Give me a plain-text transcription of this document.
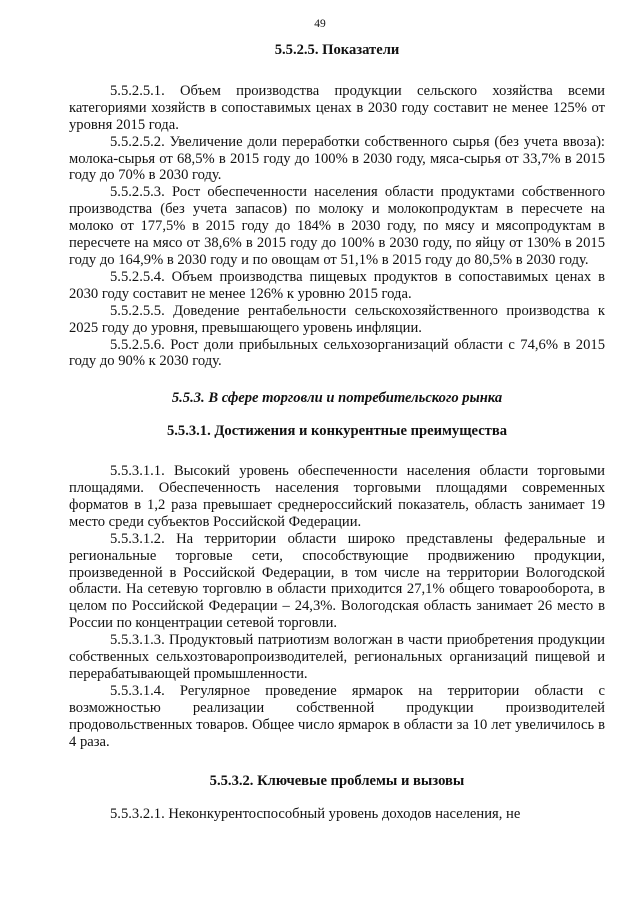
49
5.5.2.5. Показатели

5.5.2.5.1. Объем производства продукции сельского хозяйства всеми категориями хозяйств в сопоставимых ценах в 2030 году составит не менее 125% от уровня 2015 года.

5.5.2.5.2. Увеличение доли переработки собственного сырья (без учета ввоза): молока-сырья от 68,5% в 2015 году до 100% в 2030 году, мяса-сырья от 33,7% в 2015 году до 70% в 2030 году.

5.5.2.5.3. Рост обеспеченности населения области продуктами собственного производства (без учета запасов) по молоку и молокопродуктам в пересчете на молоко от 177,5% в 2015 году до 184% в 2030 году, по мясу и мясопродуктам в пересчете на мясо от 38,6% в 2015 году до 100% в 2030 году, по яйцу от 130% в 2015 году до 164,9% в 2030 году и по овощам от 51,1% в 2015 году до 80,5% в 2030 году.

5.5.2.5.4. Объем производства пищевых продуктов в сопоставимых ценах в 2030 году составит не менее 126% к уровню 2015 года.

5.5.2.5.5. Доведение рентабельности сельскохозяйственного производства к 2025 году до уровня, превышающего уровень инфляции.

5.5.2.5.6. Рост доли прибыльных сельхозорганизаций области с 74,6% в 2015 году до 90% к 2030 году.

5.5.3. В сфере торговли и потребительского рынка
5.5.3.1. Достижения и конкурентные преимущества

5.5.3.1.1. Высокий уровень обеспеченности населения области торговыми площадями. Обеспеченность населения торговыми площадями современных форматов в 1,2 раза превышает среднероссийский показатель, область занимает 19 место среди субъектов Российской Федерации.

5.5.3.1.2. На территории области широко представлены федеральные и региональные торговые сети, способствующие продвижению продукции, произведенной в Российской Федерации, в том числе на территории Вологодской области. На сетевую торговлю в области приходится 27,1% общего товарооборота, в целом по Российской Федерации – 24,3%. Вологодская область занимает 26 место в России по концентрации сетевой торговли.

5.5.3.1.3. Продуктовый патриотизм вологжан в части приобретения продукции собственных сельхозтоваропроизводителей, региональных организаций пищевой и перерабатывающей промышленности.

5.5.3.1.4. Регулярное проведение ярмарок на территории области с возможностью реализации собственной продукции производителей продовольственных товаров. Общее число ярмарок в области за 10 лет увеличилось в 4 раза.

5.5.3.2. Ключевые проблемы и вызовы

5.5.3.2.1. Неконкурентоспособный уровень доходов населения, не
